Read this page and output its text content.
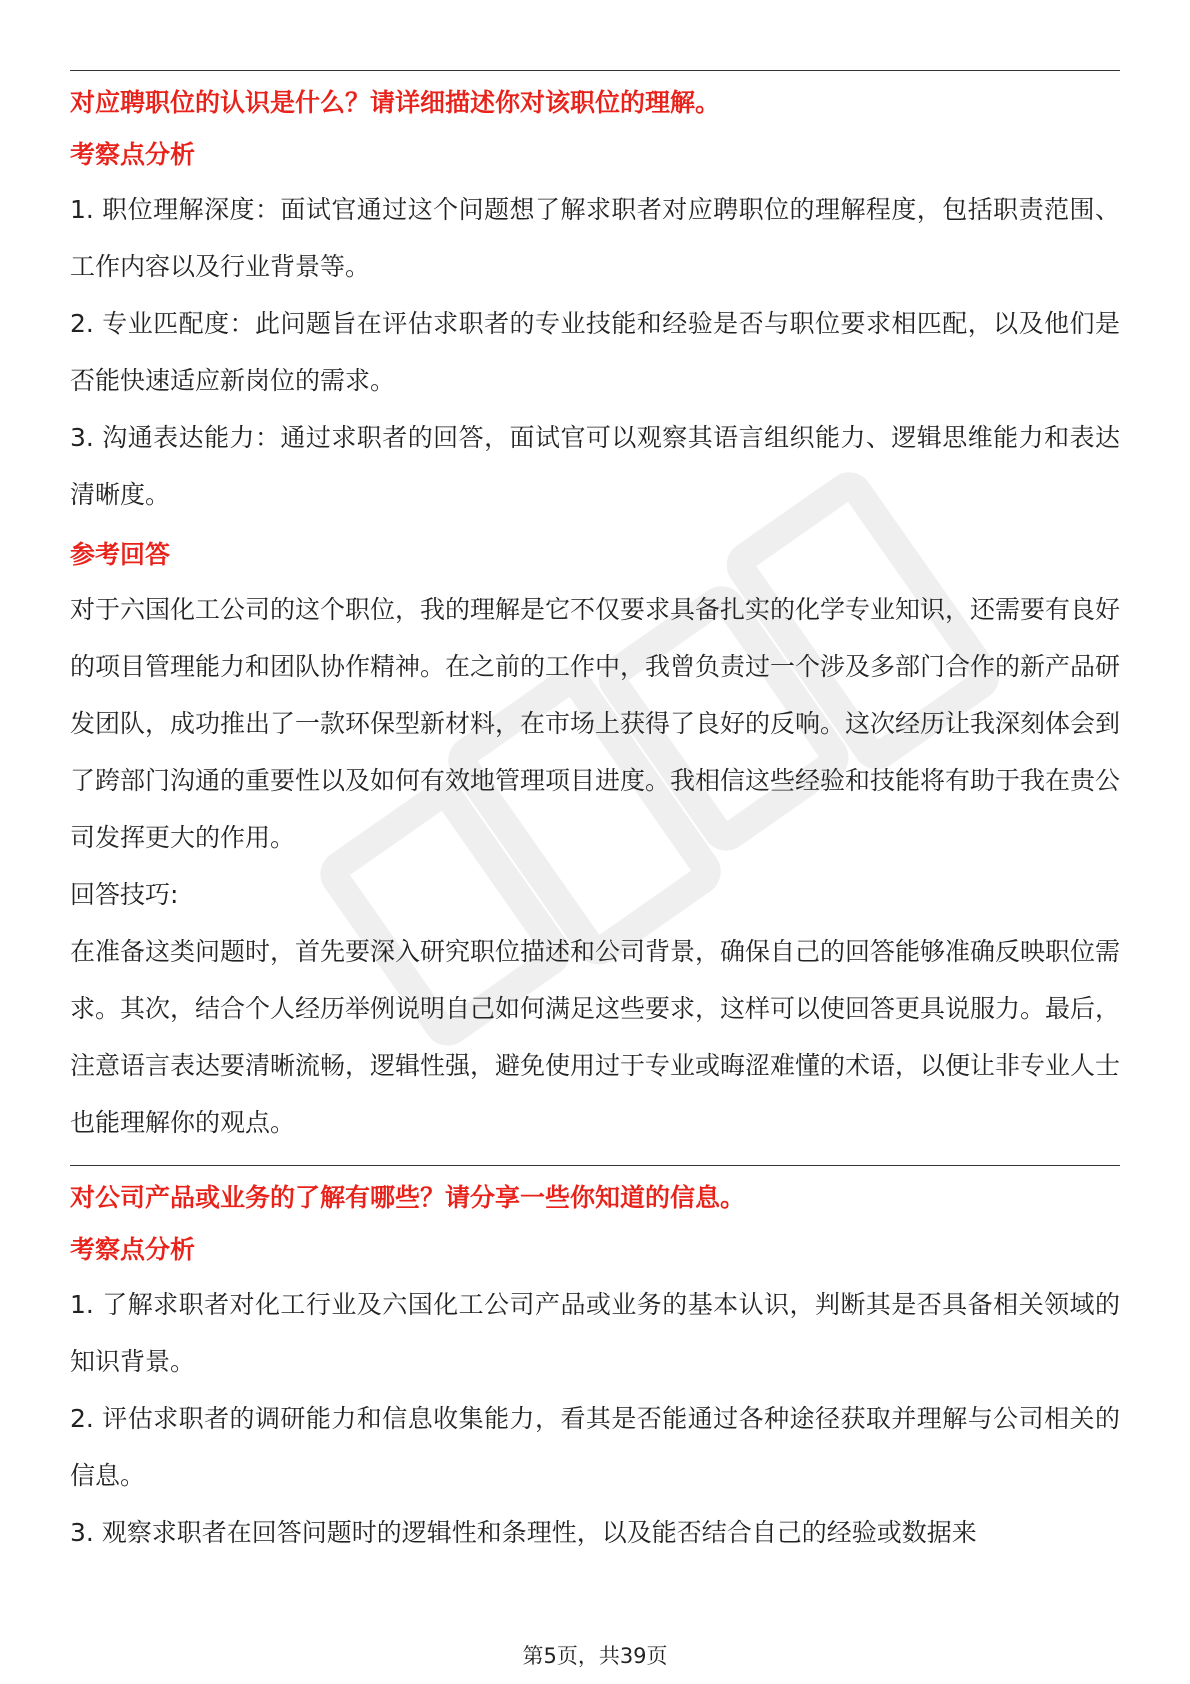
对应聘职位的认识是什么？请详细描述你对该职位的理解。
考察点分析

1. 职位理解深度：面试官通过这个问题想了解求职者对应聘职位的理解程度，包括职责范围、工作内容以及行业背景等。

2. 专业匹配度：此问题旨在评估求职者的专业技能和经验是否与职位要求相匹配，以及他们是否能快速适应新岗位的需求。

3. 沟通表达能力：通过求职者的回答，面试官可以观察其语言组织能力、逻辑思维能力和表达清晰度。

参考回答

对于六国化工公司的这个职位，我的理解是它不仅要求具备扎实的化学专业知识，还需要有良好的项目管理能力和团队协作精神。在之前的工作中，我曾负责过一个涉及多部门合作的新产品研发团队，成功推出了一款环保型新材料，在市场上获得了良好的反响。这次经历让我深刻体会到了跨部门沟通的重要性以及如何有效地管理项目进度。我相信这些经验和技能将有助于我在贵公司发挥更大的作用。

回答技巧:

在准备这类问题时，首先要深入研究职位描述和公司背景，确保自己的回答能够准确反映职位需求。其次，结合个人经历举例说明自己如何满足这些要求，这样可以使回答更具说服力。最后，注意语言表达要清晰流畅，逻辑性强，避免使用过于专业或晦涩难懂的术语，以便让非专业人士也能理解你的观点。

对公司产品或业务的了解有哪些？请分享一些你知道的信息。
考察点分析

1. 了解求职者对化工行业及六国化工公司产品或业务的基本认识，判断其是否具备相关领域的知识背景。

2. 评估求职者的调研能力和信息收集能力，看其是否能通过各种途径获取并理解与公司相关的信息。

3. 观察求职者在回答问题时的逻辑性和条理性，以及能否结合自己的经验或数据来

第5页，共39页
